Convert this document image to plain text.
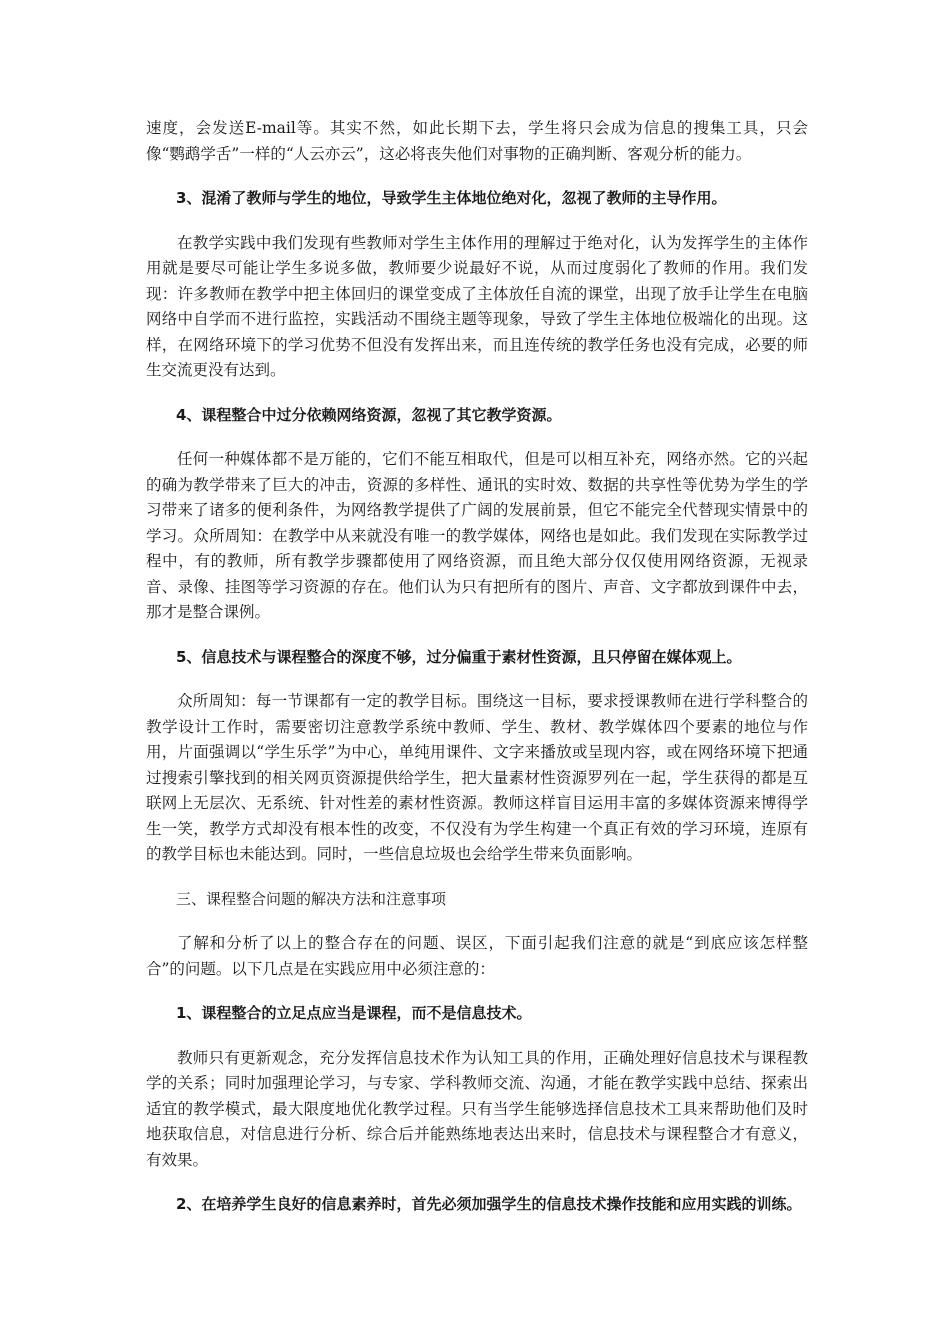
速度，会发送E-mail等。其实不然，如此长期下去，学生将只会成为信息的搜集工具，只会像“鹦鹉学舌”一样的“人云亦云”，这必将丧失他们对事物的正确判断、客观分析的能力。

3、混淆了教师与学生的地位，导致学生主体地位绝对化，忽视了教师的主导作用。

在教学实践中我们发现有些教师对学生主体作用的理解过于绝对化，认为发挥学生的主体作用就是要尽可能让学生多说多做，教师要少说最好不说，从而过度弱化了教师的作用。我们发现：许多教师在教学中把主体回归的课堂变成了主体放任自流的课堂，出现了放手让学生在电脑网络中自学而不进行监控，实践活动不围绕主题等现象，导致了学生主体地位极端化的出现。这样，在网络环境下的学习优势不但没有发挥出来，而且连传统的教学任务也没有完成，必要的师生交流更没有达到。

4、课程整合中过分依赖网络资源，忽视了其它教学资源。

任何一种媒体都不是万能的，它们不能互相取代，但是可以相互补充，网络亦然。它的兴起的确为教学带来了巨大的冲击，资源的多样性、通讯的实时效、数据的共享性等优势为学生的学习带来了诸多的便利条件，为网络教学提供了广阔的发展前景，但它不能完全代替现实情景中的学习。众所周知：在教学中从来就没有唯一的教学媒体，网络也是如此。我们发现在实际教学过程中，有的教师，所有教学步骤都使用了网络资源，而且绝大部分仅仅使用网络资源，无视录音、录像、挂图等学习资源的存在。他们认为只有把所有的图片、声音、文字都放到课件中去，那才是整合课例。

5、信息技术与课程整合的深度不够，过分偏重于素材性资源，且只停留在媒体观上。

众所周知：每一节课都有一定的教学目标。围绕这一目标，要求授课教师在进行学科整合的教学设计工作时，需要密切注意教学系统中教师、学生、教材、教学媒体四个要素的地位与作用，片面强调以“学生乐学”为中心，单纯用课件、文字来播放或呈现内容，或在网络环境下把通过搜索引擎找到的相关网页资源提供给学生，把大量素材性资源罗列在一起，学生获得的都是互联网上无层次、无系统、针对性差的素材性资源。教师这样盲目运用丰富的多媒体资源来博得学生一笑，教学方式却没有根本性的改变，不仅没有为学生构建一个真正有效的学习环境，连原有的教学目标也未能达到。同时，一些信息垃圾也会给学生带来负面影响。

三、课程整合问题的解决方法和注意事项

了解和分析了以上的整合存在的问题、误区，下面引起我们注意的就是“到底应该怎样整合”的问题。以下几点是在实践应用中必须注意的：

1、课程整合的立足点应当是课程，而不是信息技术。

教师只有更新观念，充分发挥信息技术作为认知工具的作用，正确处理好信息技术与课程教学的关系；同时加强理论学习，与专家、学科教师交流、沟通，才能在教学实践中总结、探索出适宜的教学模式，最大限度地优化教学过程。只有当学生能够选择信息技术工具来帮助他们及时地获取信息，对信息进行分析、综合后并能熟练地表达出来时，信息技术与课程整合才有意义，有效果。

2、在培养学生良好的信息素养时，首先必须加强学生的信息技术操作技能和应用实践的训练。
